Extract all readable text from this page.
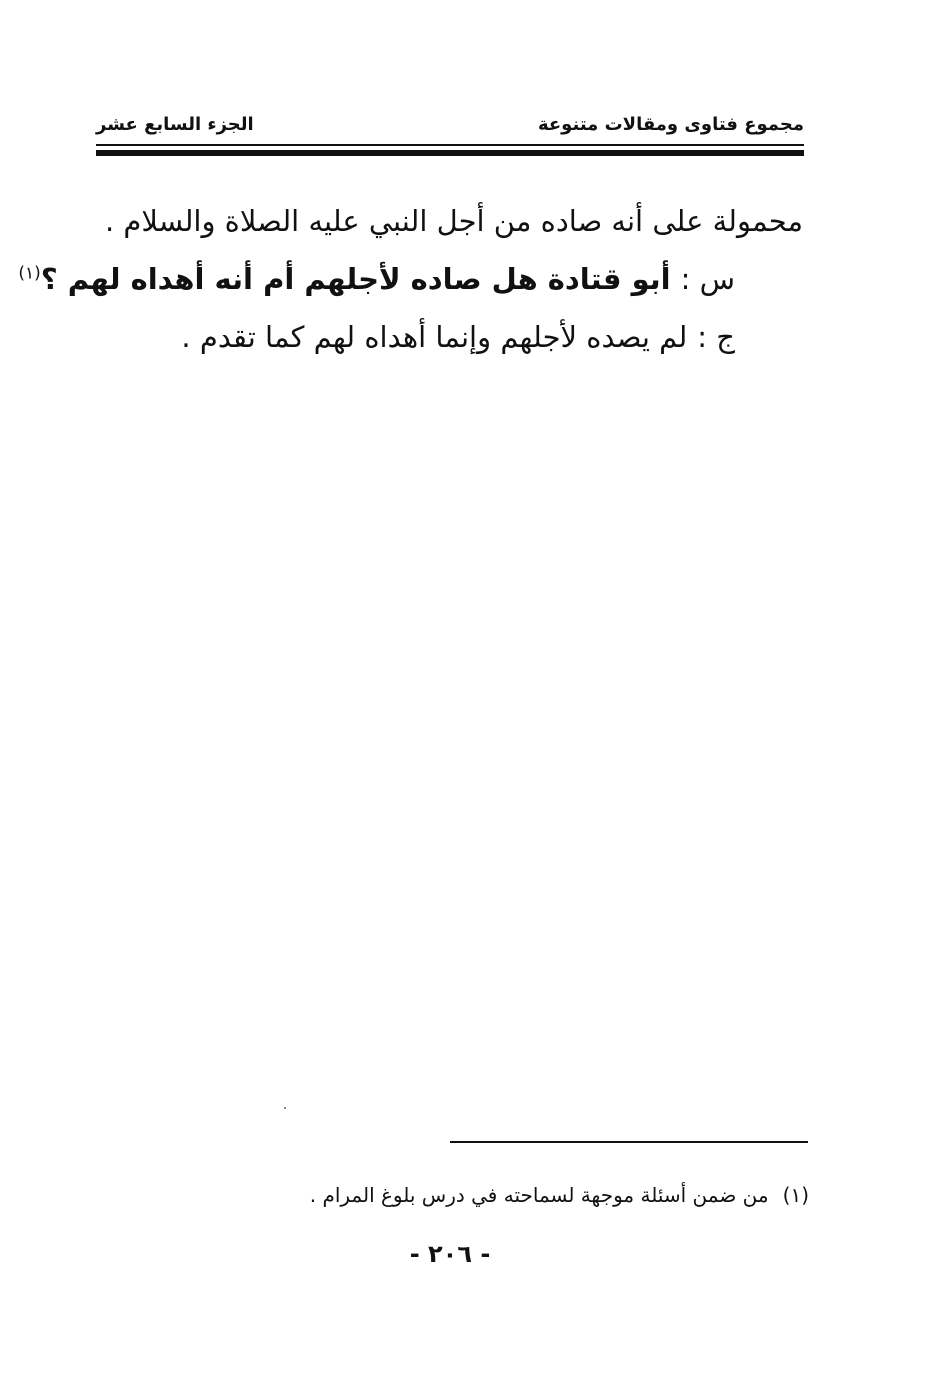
مجموع فتاوى ومقالات متنوعة
الجزء السابع عشر
محمولة على أنه صاده من أجل النبي عليه الصلاة والسلام .
س :أبو قتادة هل صاده لأجلهم أم أنه أهداه لهم ؟$^{(١)}$
ج :لم يصده لأجلهم وإنما أهداه لهم كما تقدم .
(١)من ضمن أسئلة موجهة لسماحته في درس بلوغ المرام .
- ٢٠٦ -
